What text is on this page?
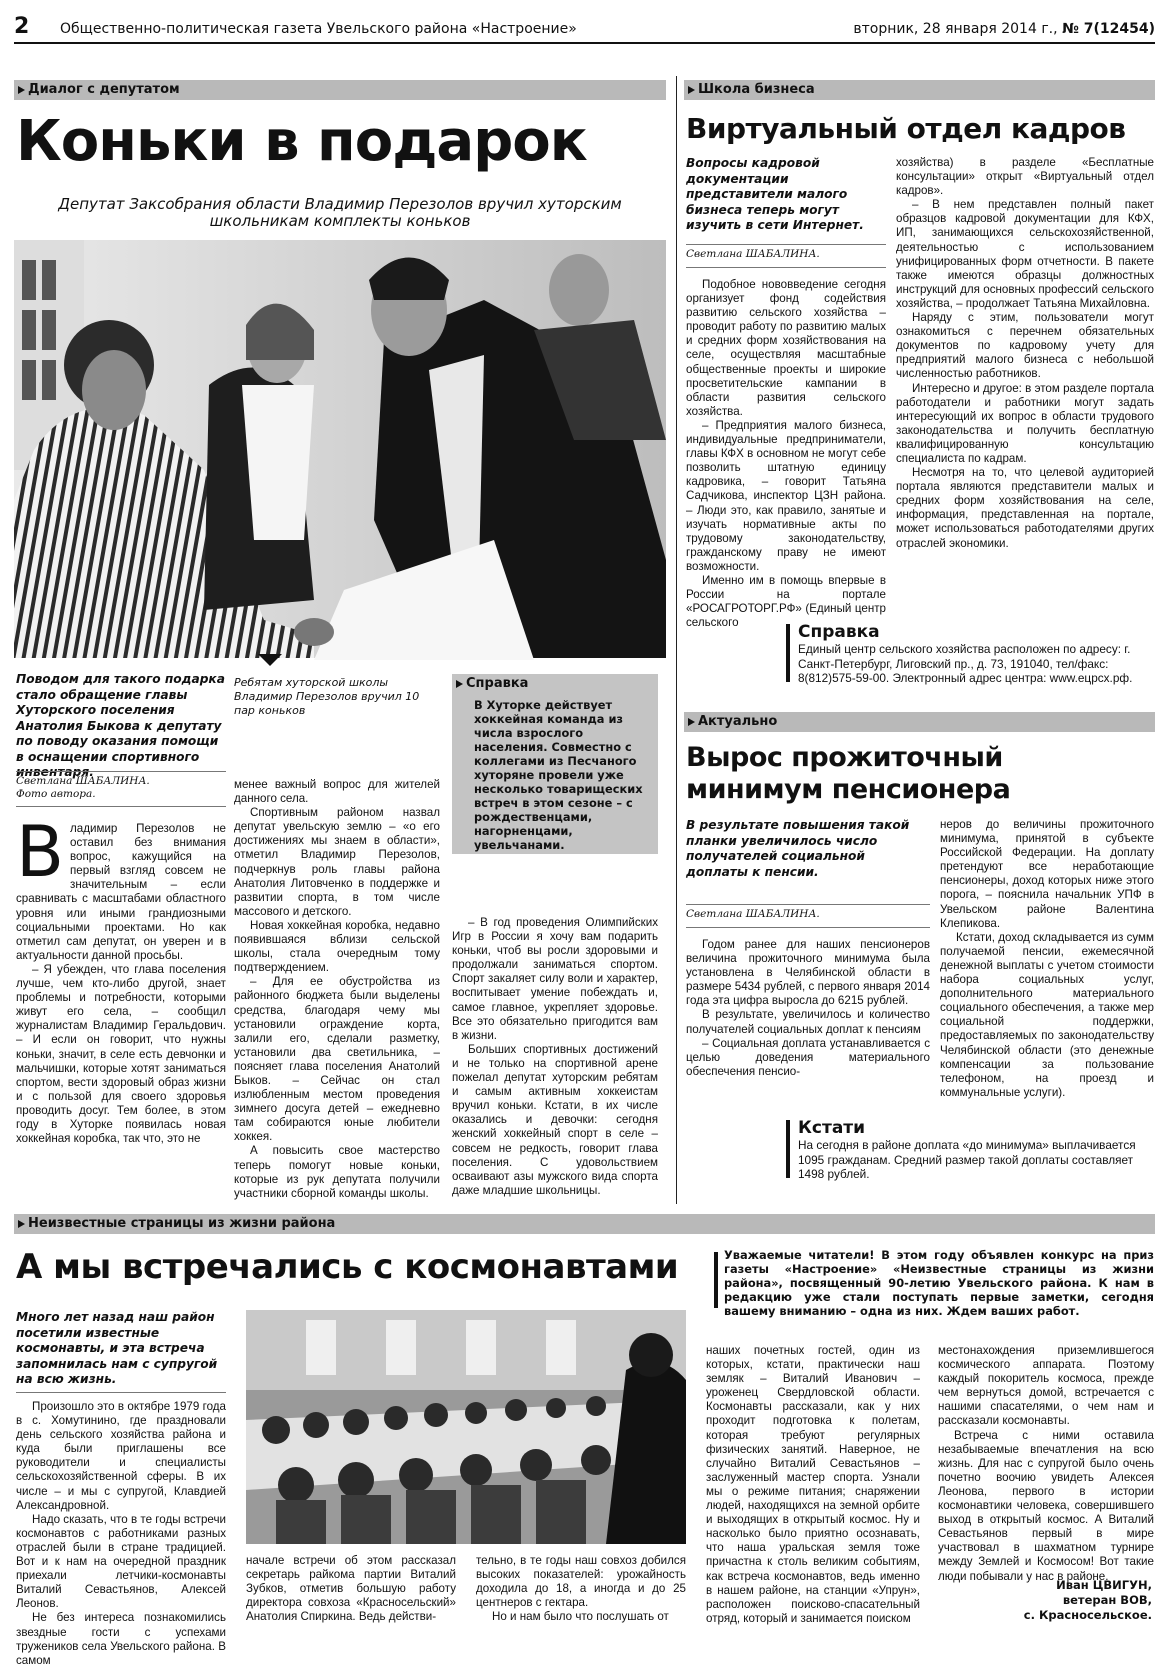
2 Общественно-политическая газета Увельского района «Настроение»	вторник, 28 января 2014 г., № 7(12454)
Диалог с депутатом
Коньки в подарок
Депутат Заксобрания области Владимир Перезолов вручил хуторским школьникам комплекты коньков
Поводом для такого подарка стало обращение главы Хуторского поселения Анатолия Быкова к депутату по поводу оказания помощи в оснащении спортивного инвентаря.
Светлана ШАБАЛИНА.
Фото автора.
Ребятам хуторской школы Владимир Перезолов вручил 10 пар коньков
Справка
В Хуторке действует хоккейная команда из числа взрослого населения. Совместно с коллегами из Песчаного хуторяне провели уже несколько товарищеских встреч в этом сезоне – с рождественцами, нагорненцами, увельчанами.
В ладимир Перезолов не оставил без внимания вопрос, кажущийся на первый взгляд совсем не значительным – если сравнивать с масштабами областного уровня или иными грандиозными социальными проектами. Но как отметил сам депутат, он уверен и в актуальности данной просьбы.

– Я убежден, что глава поселения лучше, чем кто-либо другой, знает проблемы и потребности, которыми живут его села, – сообщил журналистам Владимир Геральдович. – И если он говорит, что нужны коньки, значит, в селе есть девчонки и мальчишки, которые хотят заниматься спортом, вести здоровый образ жизни и с пользой для своего здоровья проводить досуг. Тем более, в этом году в Хуторке появилась новая хоккейная коробка, так что, это не

менее важный вопрос для жителей данного села.

Спортивным районом назвал депутат увельскую землю – «о его достижениях мы знаем в области», отметил Владимир Перезолов, подчеркнув роль главы района Анатолия Литовченко в поддержке и развитии спорта, в том числе массового и детского.

Новая хоккейная коробка, недавно появившаяся вблизи сельской школы, стала очередным тому подтверждением.

– Для ее обустройства из районного бюджета были выделены средства, благодаря чему мы установили ограждение корта, залили его, сделали разметку, установили два светильника, – поясняет глава поселения Анатолий Быков. – Сейчас он стал излюбленным местом проведения зимнего досуга детей – ежедневно там собираются юные любители хоккея.

А повысить свое мастерство теперь помогут новые коньки, которые из рук депутата получили участники сборной команды школы.

– В год проведения Олимпийских Игр в России я хочу вам подарить коньки, чтоб вы росли здоровыми и продолжали заниматься спортом. Спорт закаляет силу воли и характер, воспитывает умение побеждать и, самое главное, укрепляет здоровье. Все это обязательно пригодится вам в жизни.

Больших спортивных достижений и не только на спортивной арене пожелал депутат хуторским ребятам и самым активным хоккеистам вручил коньки. Кстати, в их числе оказались и девочки: сегодня женский хоккейный спорт в селе – совсем не редкость, говорит глава поселения. С удовольствием осваивают азы мужского вида спорта даже младшие школьницы.

Школа бизнеса
Виртуальный отдел кадров
Вопросы кадровой документации представители малого бизнеса теперь могут изучить в сети Интернет.
Светлана ШАБАЛИНА.

Подобное нововведение сегодня организует фонд содействия развитию сельского хозяйства – проводит работу по развитию малых и средних форм хозяйствования на селе, осуществляя масштабные общественные проекты и широкие просветительские кампании в области развития сельского хозяйства.

– Предприятия малого бизнеса, индивидуальные предприниматели, главы КФХ в основном не могут себе позволить штатную единицу кадровика, – говорит Татьяна Садчикова, инспектор ЦЗН района. – Люди это, как правило, занятые и изучать нормативные акты по трудовому законодательству, гражданскому праву не имеют возможности.

Именно им в помощь впервые в России на портале «РОСАГРОТОРГ.РФ» (Единый центр сельского

хозяйства) в разделе «Бесплатные консультации» открыт «Виртуальный отдел кадров».

– В нем представлен полный пакет образцов кадровой документации для КФХ, ИП, занимающихся сельскохозяйственной, деятельностью с использованием унифицированных форм отчетности. В пакете также имеются образцы должностных инструкций для основных профессий сельского хозяйства, – продолжает Татьяна Михайловна.

Наряду с этим, пользователи могут ознакомиться с перечнем обязательных документов по кадровому учету для предприятий малого бизнеса с небольшой численностью работников.

Интересно и другое: в этом разделе портала работодатели и работники могут задать интересующий их вопрос в области трудового законодательства и получить бесплатную квалифицированную консультацию специалиста по кадрам.

Несмотря на то, что целевой аудиторией портала являются представители малых и средних форм хозяйствования на селе, информация, представленная на портале, может использоваться работодателями других отраслей экономики.

Справка
Единый центр сельского хозяйства расположен по адресу: г. Санкт-Петербург, Лиговский пр., д. 73, 191040, тел/факс: 8(812)575-59-00. Электронный адрес центра: www.eцрсх.рф.
Актуально
Вырос прожиточный минимум пенсионера
В результате повышения такой планки увеличилось число получателей социальной доплаты к пенсии.
Светлана ШАБАЛИНА.

Годом ранее для наших пенсионеров величина прожиточного минимума была установлена в Челябинской области в размере 5434 рублей, с первого января 2014 года эта цифра выросла до 6215 рублей.

В результате, увеличилось и количество получателей социальных доплат к пенсиям

– Социальная доплата устанавливается с целью доведения материального обеспечения пенсио-

неров до величины прожиточного минимума, принятой в субъекте Российской Федерации. На доплату претендуют все неработающие пенсионеры, доход которых ниже этого порога, – пояснила начальник УПФ в Увельском районе Валентина Клепикова.

Кстати, доход складывается из сумм получаемой пенсии, ежемесячной денежной выплаты с учетом стоимости набора социальных услуг, дополнительного материального социального обеспечения, а также мер социальной поддержки, предоставляемых по законодательству Челябинской области (это денежные компенсации за пользование телефоном, на проезд и коммунальные услуги).

Кстати
На сегодня в районе доплата «до минимума» выплачивается 1095 гражданам. Средний размер такой доплаты составляет 1498 рублей.
Неизвестные страницы из жизни района
А мы встречались с космонавтами	Уважаемые читатели! В этом году объявлен конкурс на приз газеты «Настроение» «Неизвестные страницы из жизни района», посвященный 90-летию Увельского района. К нам в редакцию уже стали поступать первые заметки, сегодня вашему вниманию – одна из них. Ждем ваших работ.
Много лет назад наш район посетили известные космонавты, и эта встреча запомнилась нам с супругой на всю жизнь.

Произошло это в октябре 1979 года в с. Хомутинино, где праздновали день сельского хозяйства района и куда были приглашены все руководители и специалисты сельскохозяйственной сферы. В их числе – и мы с супругой, Клавдией Александровной.

Надо сказать, что в те годы встречи космонавтов с работниками разных отраслей были в стране традицией. Вот и к нам на очередной праздник приехали летчики-космонавты Виталий Севастьянов, Алексей Леонов.

Не без интереса познакомились звездные гости с успехами тружеников села Увельского района. В самом

начале встречи об этом рассказал секретарь райкома партии Виталий Зубков, отметив большую работу директора совхоза «Красносельский» Анатолия Спиркина. Ведь действи-

тельно, в те годы наш совхоз добился высоких показателей: урожайность доходила до 18, а иногда и до 25 центнеров с гектара.

Но и нам было что послушать от

наших почетных гостей, один из которых, кстати, практически наш земляк – Виталий Иванович – уроженец Свердловской области. Космонавты рассказали, как у них проходит подготовка к полетам, которая требуют регулярных физических занятий. Наверное, не случайно Виталий Севастьянов – заслуженный мастер спорта. Узнали мы о режиме питания; снаряжении людей, находящихся на земной орбите и выходящих в открытый космос. Ну и насколько было приятно осознавать, что наша уральская земля тоже причастна к столь великим событиям, как встреча космонавтов, ведь именно в нашем районе, на станции «Упрун», расположен поисково-спасательный отряд, который и занимается поиском

местонахождения приземлившегося космического аппарата. Поэтому каждый покоритель космоса, прежде чем вернуться домой, встречается с нашими спасателями, о чем нам и рассказали космонавты.

Встреча с ними оставила незабываемые впечатления на всю жизнь. Для нас с супругой было очень почетно воочию увидеть Алексея Леонова, первого в истории космонавтики человека, совершившего выход в открытый космос. А Виталий Севастьянов первый в мире участвовал в шахматном турнире между Землей и Космосом! Вот такие люди побывали у нас в районе.

Иван ЦВИГУН,
ветеран ВОВ,
с. Красносельское.
